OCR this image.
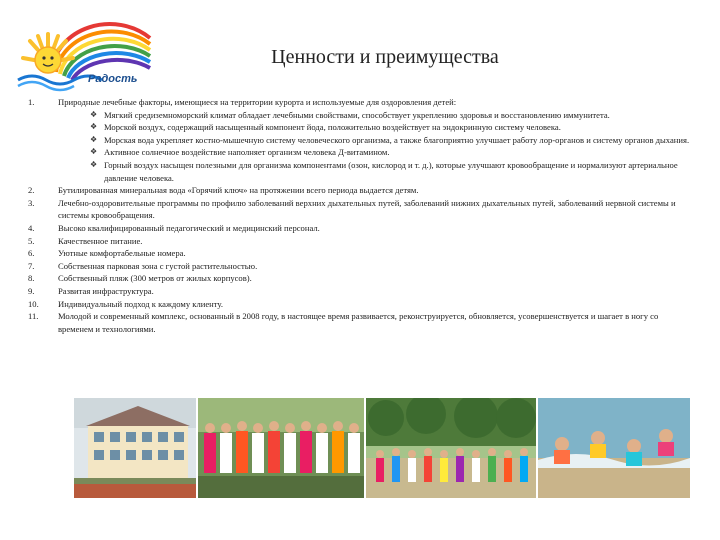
Радость
Ценности и преимущества
1.	Природные лечебные факторы, имеющиеся на территории курорта и используемые для оздоровления детей:
❖ Мягкий средиземноморский климат обладает лечебными свойствами, способствует укреплению здоровья и восстановлению иммунитета.
❖ Морской воздух, содержащий насыщенный компонент йода, положительно воздействует на эндокринную систему человека.
❖ Морская вода укрепляет костно-мышечную систему человеческого организма, а также благоприятно улучшает работу лор-органов и систему органов дыхания.
❖ Активное солнечное воздействие наполняет организм человека Д-витамином.
❖ Горный воздух насыщен полезными для организма компонентами (озон, кислород и т. д.), которые улучшают кровообращение и нормализуют артериальное давление человека.
2.	Бутилированная минеральная вода «Горячий ключ» на протяжении всего периода выдается детям.
3.	Лечебно-оздоровительные программы по профилю заболеваний верхних дыхательных путей, заболеваний нижних дыхательных путей, заболеваний нервной системы и системы кровообращения.
4.	Высоко квалифицированный педагогический и медицинский персонал.
5.	Качественное питание.
6.	Уютные комфортабельные номера.
7.	Собственная парковая зона с густой растительностью.
8.	Собственный пляж (300 метров от жилых корпусов).
9.	Развитая инфраструктура.
10.	Индивидуальный подход к каждому клиенту.
11.	Молодой и современный комплекс, основанный в 2008 году, в настоящее время развивается, реконструируется, обновляется, усовершенствуется и шагает в ногу со временем и технологиями.
